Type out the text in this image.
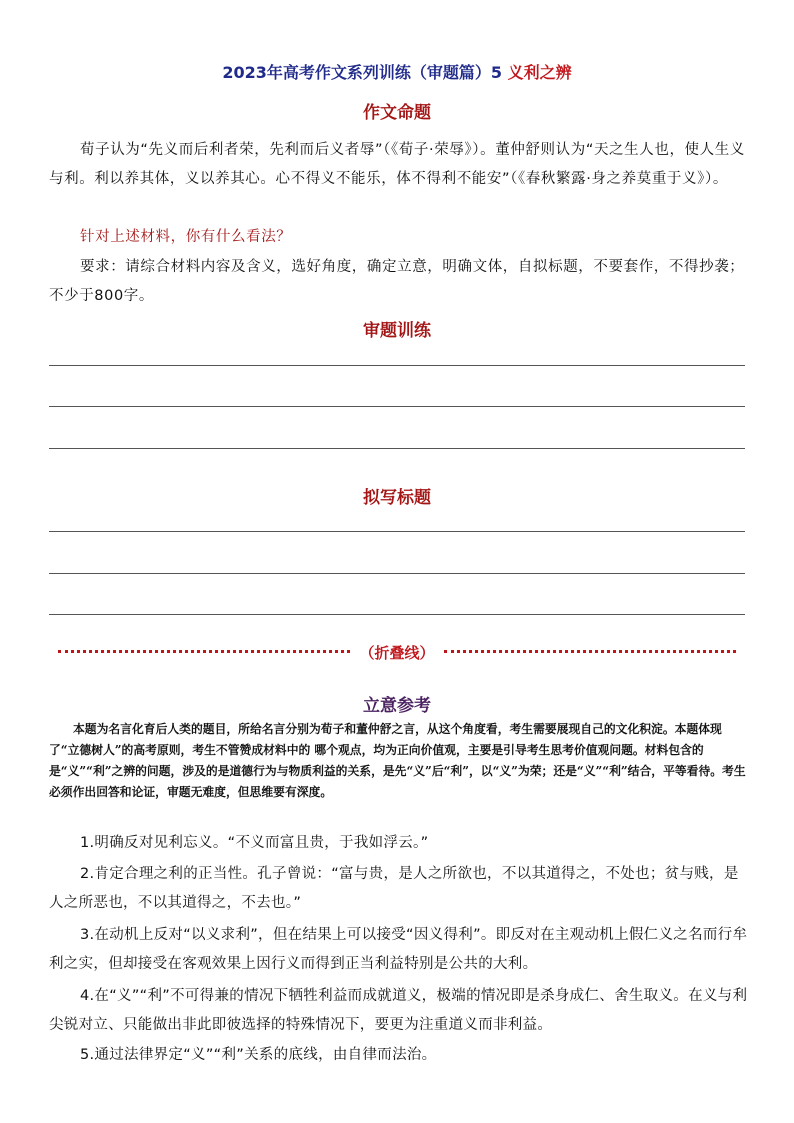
2023年高考作文系列训练（审题篇）5 义利之辨
作文命题

荀子认为“先义而后利者荣，先利而后义者辱”（《荀子·荣辱》）。董仲舒则认为“天之生人也，使人生义与利。利以养其体，义以养其心。心不得义不能乐，体不得利不能安”（《春秋繁露·身之养莫重于义》）。

针对上述材料，你有什么看法？

要求：请综合材料内容及含义，选好角度，确定立意，明确文体，自拟标题，不要套作，不得抄袭；不少于800字。

审题训练
拟写标题
（折叠线）
立意参考

本题为名言化育后人类的题目，所给名言分别为荀子和董仲舒之言，从这个角度看，考生需要展现自己的文化积淀。本题体现了“立德树人”的高考原则，考生不管赞成材料中的 哪个观点，均为正向价值观，主要是引导考生思考价值观问题。材料包含的是“义”“利”之辨的问题，涉及的是道德行为与物质利益的关系，是先“义”后“利”，以“义”为荣；还是“义”“利”结合，平等看待。考生必须作出回答和论证，审题无难度，但思维要有深度。

1.明确反对见利忘义。“不义而富且贵，于我如浮云。”

2.肯定合理之利的正当性。孔子曾说：“富与贵，是人之所欲也，不以其道得之，不处也；贫与贱，是人之所恶也，不以其道得之，不去也。”

3.在动机上反对“以义求利”，但在结果上可以接受“因义得利”。即反对在主观动机上假仁义之名而行牟利之实，但却接受在客观效果上因行义而得到正当利益特别是公共的大利。

4.在“义”“利”不可得兼的情况下牺牲利益而成就道义，极端的情况即是杀身成仁、舍生取义。在义与利尖锐对立、只能做出非此即彼选择的特殊情况下，要更为注重道义而非利益。

5.通过法律界定“义”“利”关系的底线，由自律而法治。
